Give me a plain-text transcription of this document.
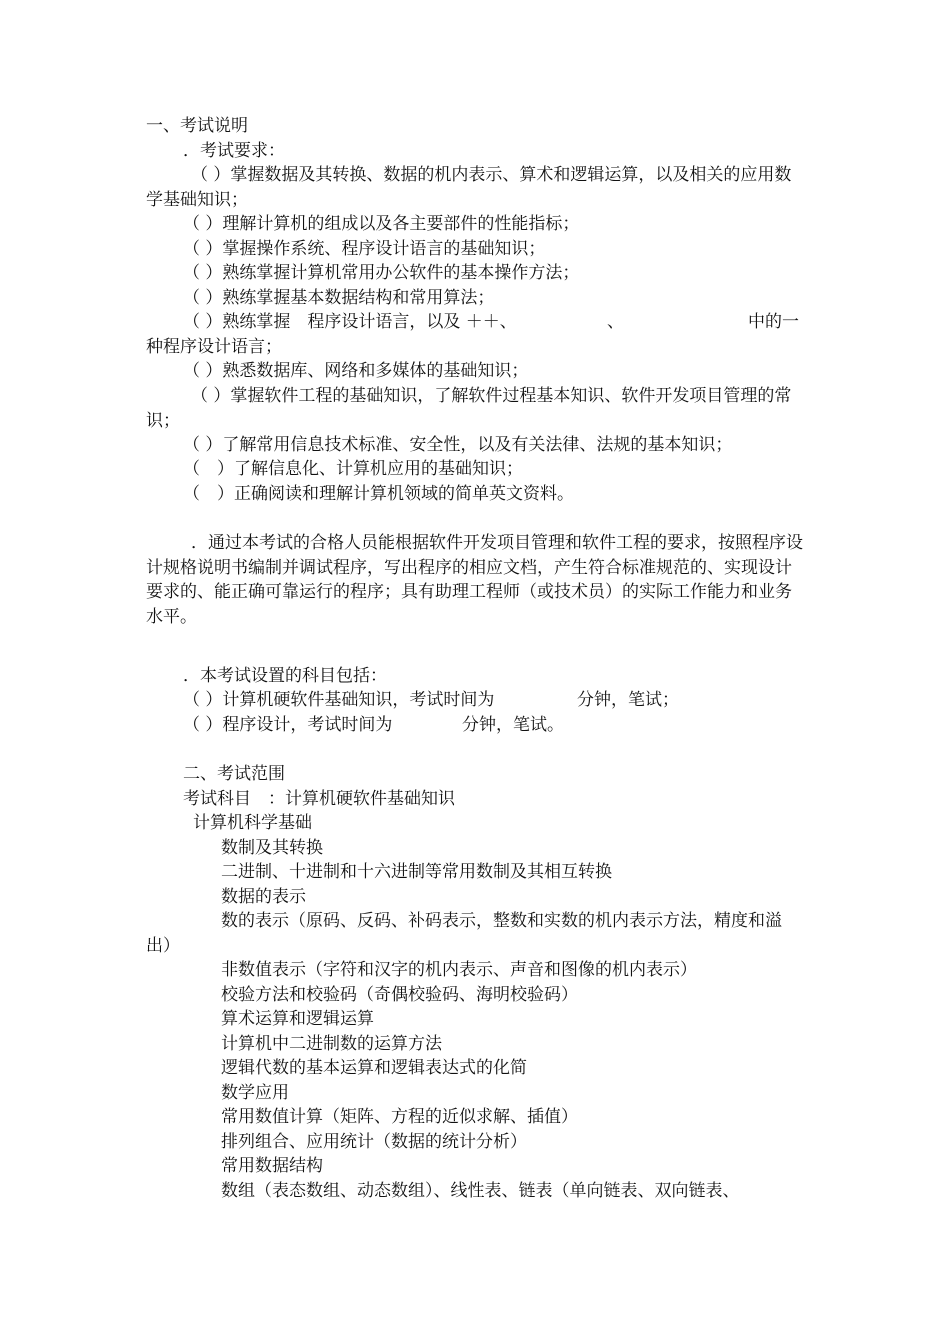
一、考试说明
．考试要求：
（ ）掌握数据及其转换、数据的机内表示、算术和逻辑运算，以及相关的应用数学基础知识；
（ ）理解计算机的组成以及各主要部件的性能指标；
（ ）掌握操作系统、程序设计语言的基础知识；
（ ）熟练掌握计算机常用办公软件的基本操作方法；
（ ）熟练掌握基本数据结构和常用算法；
（ ）熟练掌握　程序设计语言，以及 ＋＋、	、	中的一
种程序设计语言；
（ ）熟悉数据库、网络和多媒体的基础知识；
（ ）掌握软件工程的基础知识，了解软件过程基本知识、软件开发项目管理的常识；
（ ）了解常用信息技术标准、安全性，以及有关法律、法规的基本知识；
（　）了解信息化、计算机应用的基础知识；
（　）正确阅读和理解计算机领域的简单英文资料。
．通过本考试的合格人员能根据软件开发项目管理和软件工程的要求，按照程序设计规格说明书编制并调试程序，写出程序的相应文档，产生符合标准规范的、实现设计要求的、能正确可靠运行的程序；具有助理工程师（或技术员）的实际工作能力和业务水平。
．本考试设置的科目包括：
（ ）计算机硬软件基础知识，考试时间为	分钟，笔试；
（ ）程序设计，考试时间为	分钟，笔试。
二、考试范围
考试科目　：计算机硬软件基础知识
计算机科学基础
数制及其转换
二进制、十进制和十六进制等常用数制及其相互转换
数据的表示
数的表示（原码、反码、补码表示，整数和实数的机内表示方法，精度和溢出）
非数值表示（字符和汉字的机内表示、声音和图像的机内表示）
校验方法和校验码（奇偶校验码、海明校验码）
算术运算和逻辑运算
计算机中二进制数的运算方法
逻辑代数的基本运算和逻辑表达式的化简
数学应用
常用数值计算（矩阵、方程的近似求解、插值）
排列组合、应用统计（数据的统计分析）
常用数据结构
数组（表态数组、动态数组）、线性表、链表（单向链表、双向链表、
